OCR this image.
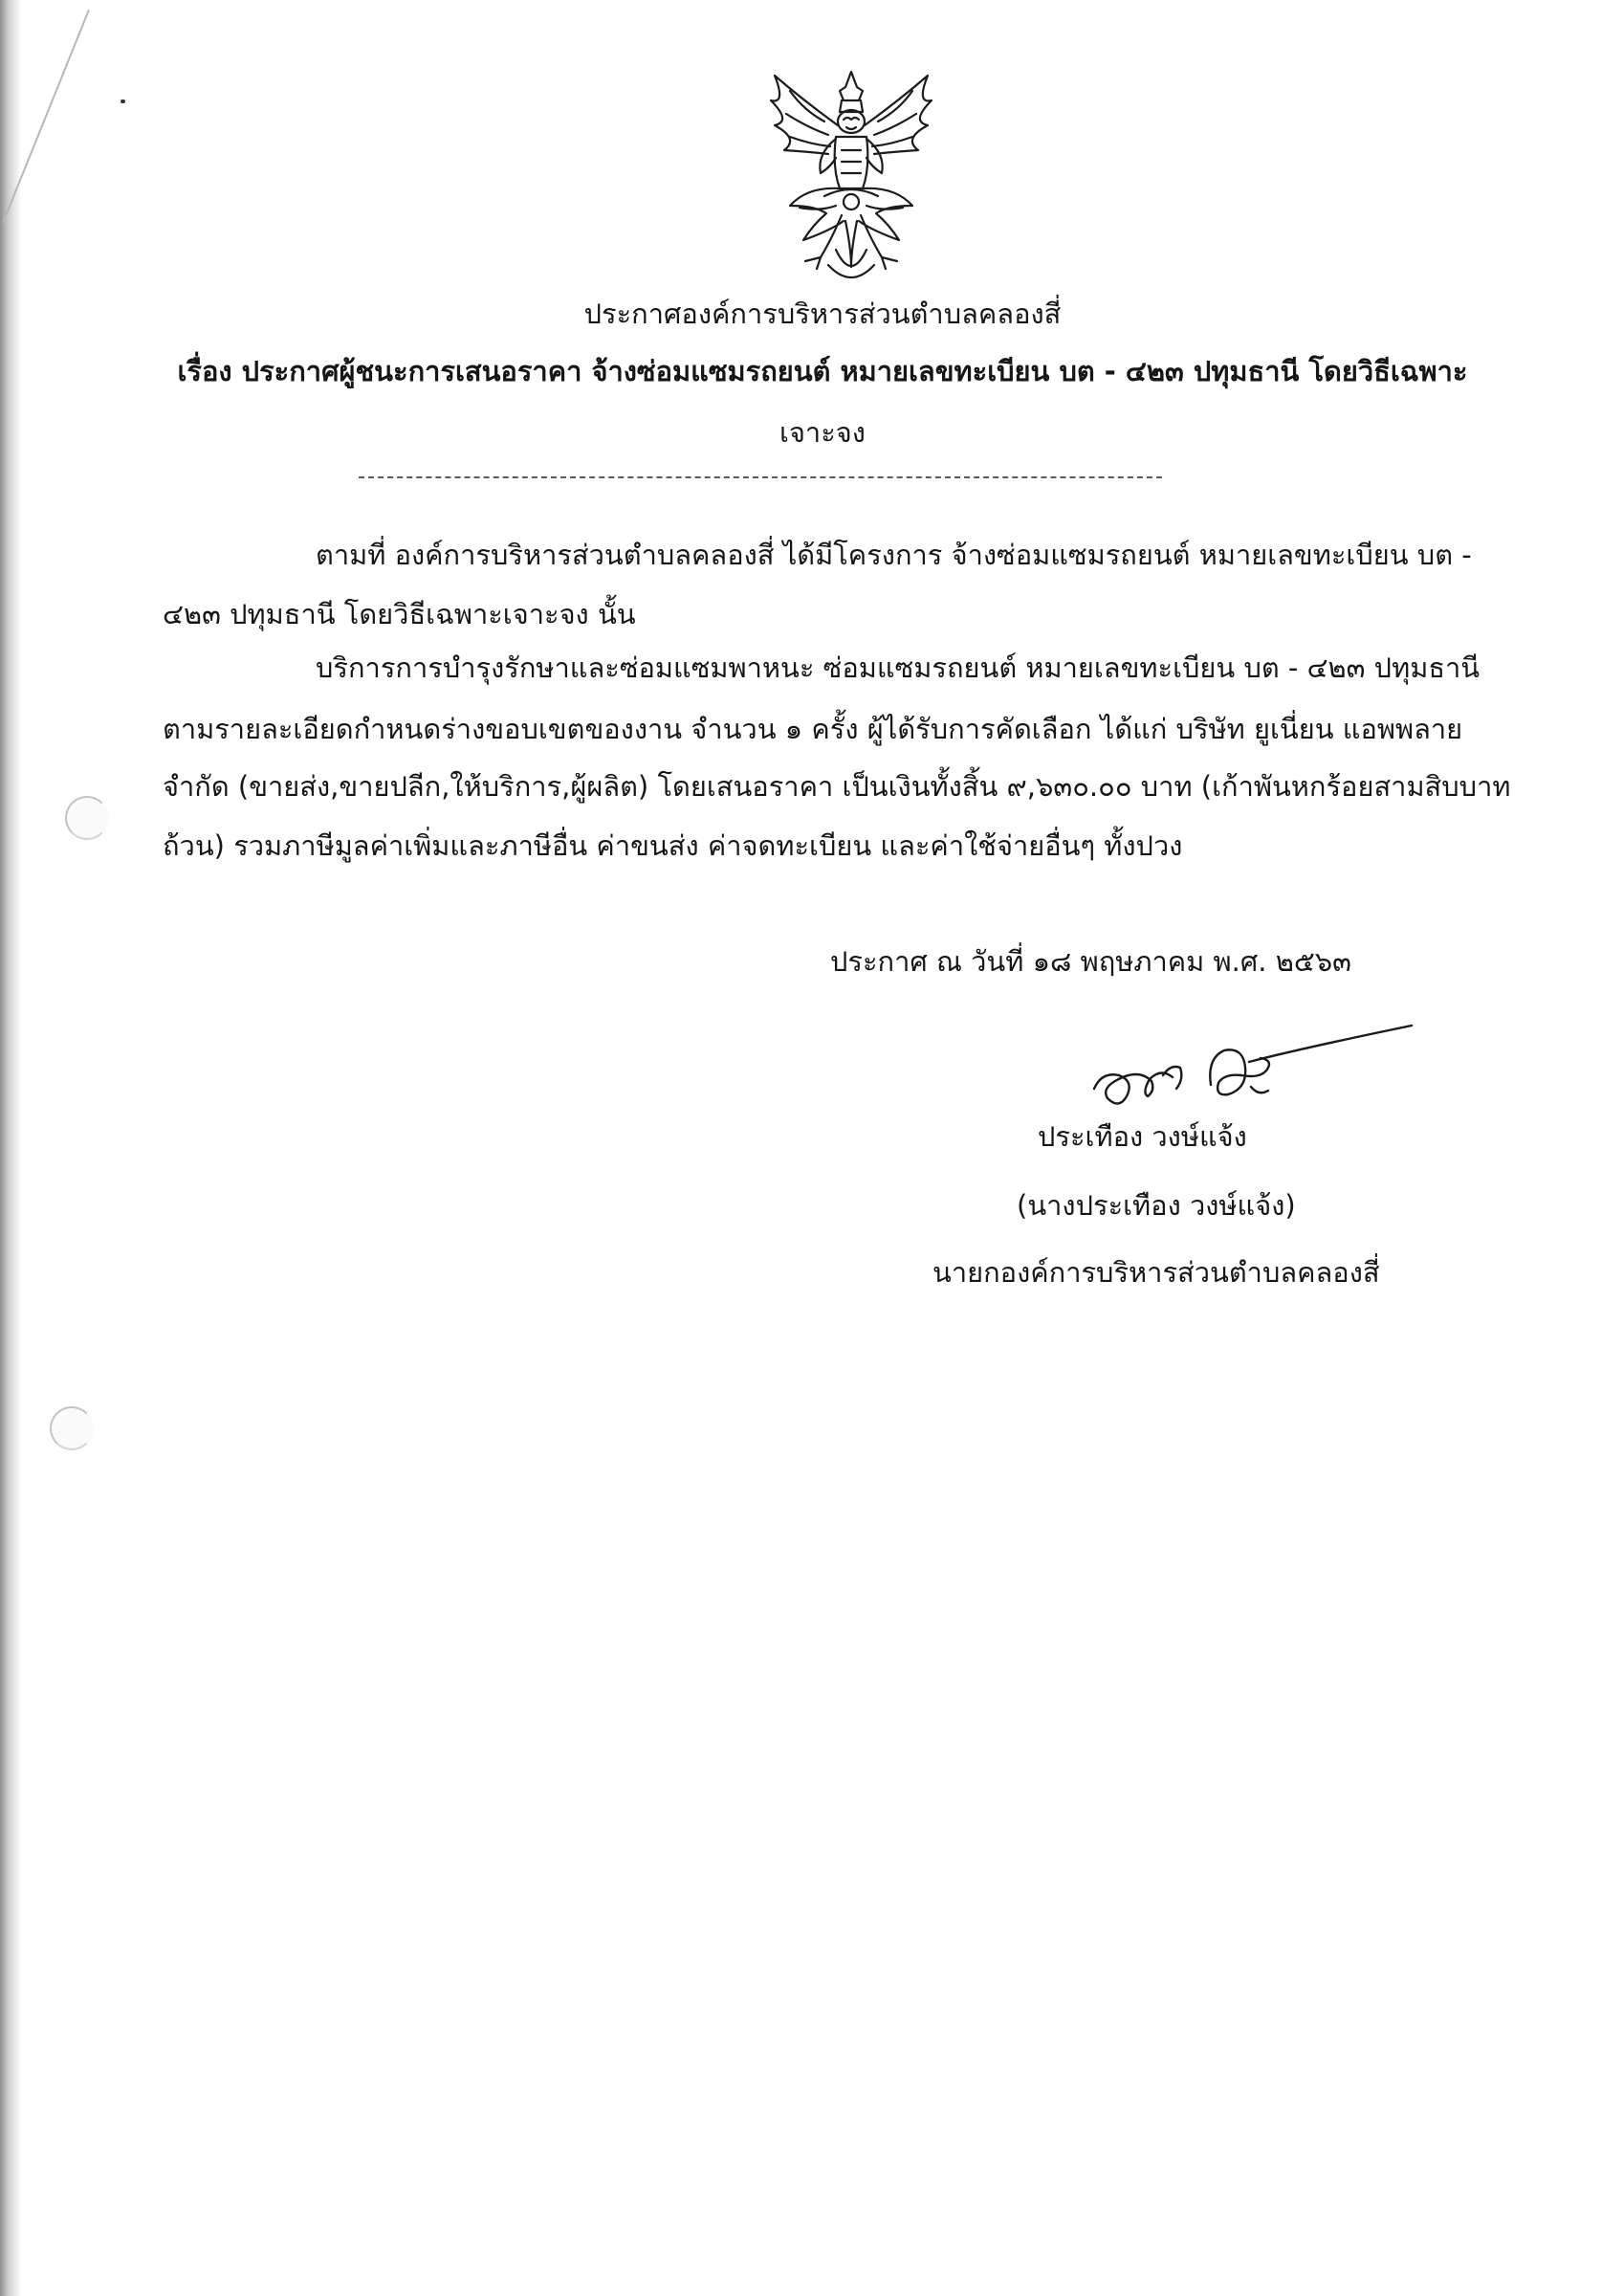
ประกาศองค์การบริหารส่วนตำบลคลองสี่

เรื่อง ประกาศผู้ชนะการเสนอราคา จ้างซ่อมแซมรถยนต์ หมายเลขทะเบียน บต - ๔๒๓ ปทุมธานี โดยวิธีเฉพาะ

เจาะจง

ตามที่ องค์การบริหารส่วนตำบลคลองสี่ ได้มีโครงการ จ้างซ่อมแซมรถยนต์ หมายเลขทะเบียน บต -

๔๒๓ ปทุมธานี โดยวิธีเฉพาะเจาะจง นั้น

บริการการบำรุงรักษาและซ่อมแซมพาหนะ ซ่อมแซมรถยนต์ หมายเลขทะเบียน บต - ๔๒๓ ปทุมธานี

ตามรายละเอียดกำหนดร่างขอบเขตของงาน จำนวน ๑ ครั้ง ผู้ได้รับการคัดเลือก ได้แก่ บริษัท ยูเนี่ยน แอพพลาย

จำกัด (ขายส่ง,ขายปลีก,ให้บริการ,ผู้ผลิต) โดยเสนอราคา เป็นเงินทั้งสิ้น ๙,๖๓๐.๐๐ บาท (เก้าพันหกร้อยสามสิบบาท

ถ้วน) รวมภาษีมูลค่าเพิ่มและภาษีอื่น ค่าขนส่ง ค่าจดทะเบียน และค่าใช้จ่ายอื่นๆ ทั้งปวง

ประกาศ ณ วันที่ ๑๘ พฤษภาคม พ.ศ. ๒๕๖๓

ประเทือง วงษ์แจ้ง

(นางประเทือง วงษ์แจ้ง)

นายกองค์การบริหารส่วนตำบลคลองสี่
